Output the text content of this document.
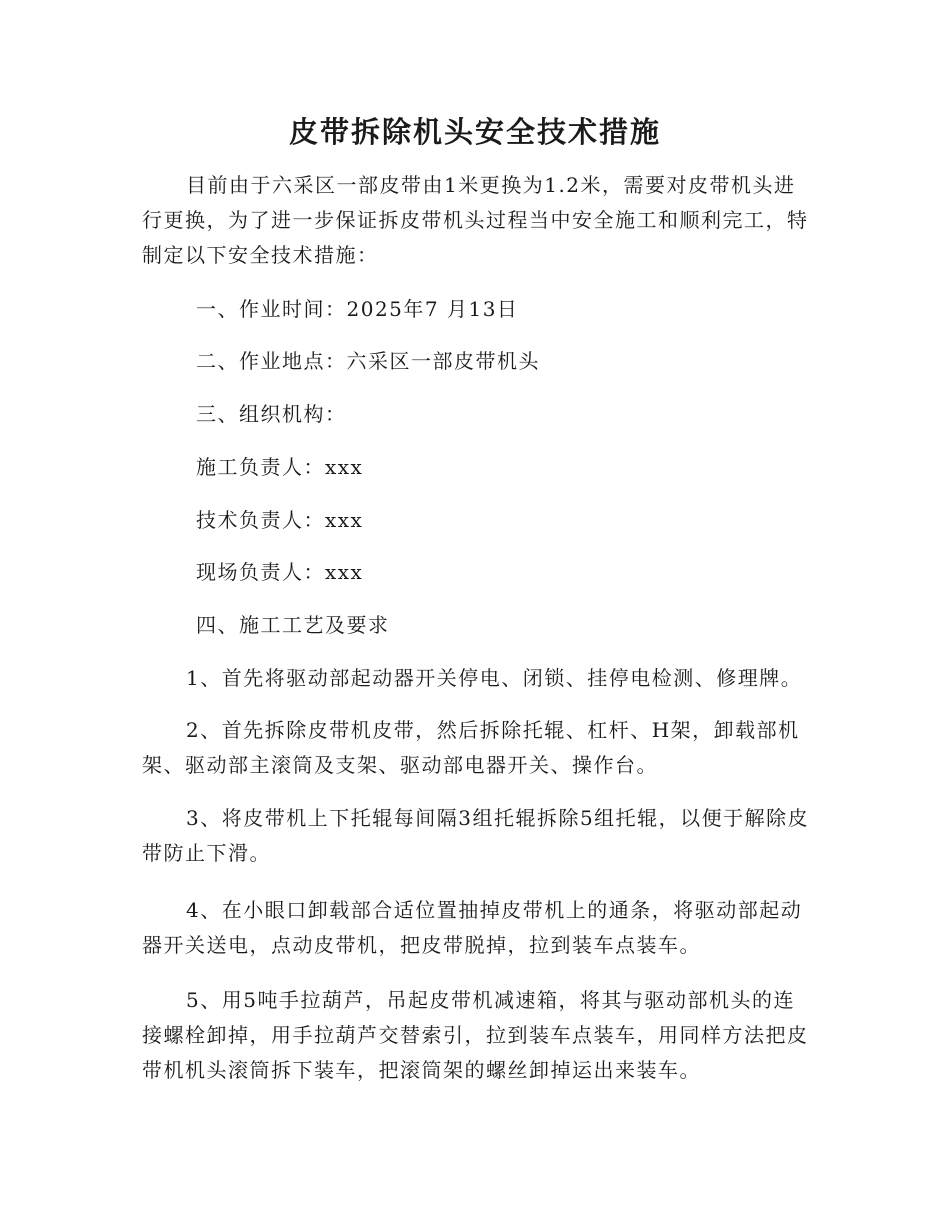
皮带拆除机头安全技术措施

目前由于六采区一部皮带由1米更换为1.2米，需要对皮带机头进行更换，为了进一步保证拆皮带机头过程当中安全施工和顺利完工，特制定以下安全技术措施：

一、作业时间：2025年7 月13日
二、作业地点：六采区一部皮带机头
三、组织机构：
施工负责人：xxx
技术负责人：xxx
现场负责人：xxx
四、施工工艺及要求

1、首先将驱动部起动器开关停电、闭锁、挂停电检测、修理牌。

2、首先拆除皮带机皮带，然后拆除托辊、杠杆、H架，卸载部机架、驱动部主滚筒及支架、驱动部电器开关、操作台。

3、将皮带机上下托辊每间隔3组托辊拆除5组托辊，以便于解除皮带防止下滑。

4、在小眼口卸载部合适位置抽掉皮带机上的通条，将驱动部起动器开关送电，点动皮带机，把皮带脱掉，拉到装车点装车。

5、用5吨手拉葫芦，吊起皮带机减速箱，将其与驱动部机头的连接螺栓卸掉，用手拉葫芦交替索引，拉到装车点装车，用同样方法把皮带机机头滚筒拆下装车，把滚筒架的螺丝卸掉运出来装车。
